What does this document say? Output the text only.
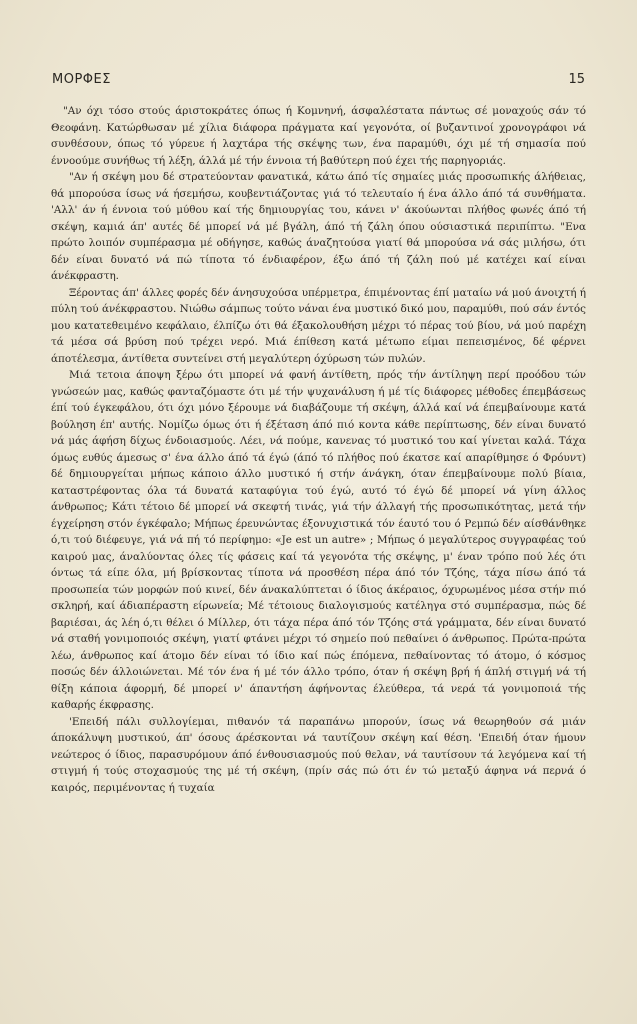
ΜΟΡΦΕΣ	15

"Αν όχι τόσο στούς άριστοκράτες όπως ή Κομνηνή, άσφαλέστατα πάντως σέ μοναχούς σάν τό Θεοφάνη. Κατώρθωσαν μέ χίλια διάφορα πράγματα καί γεγονότα, οί βυζαντινοί χρονογράφοι νά συνθέσουν, όπως τό γύρευε ή λαχτάρα τής σκέψης των, ένα παραμύθι, όχι μέ τή σημασία πού έννοούμε συνήθως τή λέξη, άλλά μέ τήν έννοια τή βαθύτερη πού έχει τής παρηγοριάς.

"Αν ή σκέψη μου δέ στρατεύονταν φανατικά, κάτω άπό τίς σημαίες μιάς προσωπικής άλήθειας, θά μπορούσα ίσως νά ήσεμήσω, κουβεντιάζοντας γιά τό τελευταίο ή ένα άλλο άπό τά συνθήματα. 'Αλλ' άν ή έννοια τού μύθου καί τής δημιουργίας του, κάνει ν' άκούωνται πλήθος φωνές άπό τή σκέψη, καμιά άπ' αυτές δέ μπορεί νά μέ βγάλη, άπό τή ζάλη όπου ούσιαστικά περιπίπτω. "Ενα πρώτο λοιπόν συμπέρασμα μέ οδήγησε, καθώς άναζητούσα γιατί θά μπορούσα νά σάς μιλήσω, ότι δέν είναι δυνατό νά πώ τίποτα τό ένδιαφέρον, έξω άπό τή ζάλη πού μέ κατέχει καί είναι άνέκφραστη.

Ξέροντας άπ' άλλες φορές δέν άνησυχούσα υπέρμετρα, έπιμένοντας έπί ματαίω νά μού άνοιχτή ή πύλη τού άνέκφραστου. Νιώθω σάμπως τούτο νάναι ένα μυστικό δικό μου, παραμύθι, πού σάν έντός μου κατατεθειμένο κεφάλαιο, έλπίζω ότι θά έξακολουθήση μέχρι τό πέρας τού βίου, νά μού παρέχη τά μέσα σά βρύση πού τρέχει νερό. Μιά έπίθεση κατά μέτωπο είμαι πεπεισμένος, δέ φέρνει άποτέλεσμα, άντίθετα συντείνει στή μεγαλύτερη όχύρωση τών πυλών.

Μιά τετοια άποψη ξέρω ότι μπορεί νά φανή άντίθετη, πρός τήν άντίληψη περί προόδου τών γνώσεών μας, καθώς φανταζόμαστε ότι μέ τήν ψυχανάλυση ή μέ τίς διάφορες μέθοδες έπεμβάσεως έπί τού έγκεφάλου, ότι όχι μόνο ξέρουμε νά διαβάζουμε τή σκέψη, άλλά καί νά έπεμβαίνουμε κατά βούληση έπ' αυτής. Νομίζω όμως ότι ή έξέταση άπό πιό κοντα κάθε περίπτωσης, δέν είναι δυνατό νά μάς άφήση δίχως ένδοιασμούς. Λέει, νά πούμε, κανενας τό μυστικό του καί γίνεται καλά. Τάχα όμως ευθύς άμεσως σ' ένα άλλο άπό τά έγώ (άπό τό πλήθος πού έκατσε καί απαρίθμησε ό Φρόυντ) δέ δημιουργείται μήπως κάποιο άλλο μυστικό ή στήν άνάγκη, όταν έπεμβαίνουμε πολύ βίαια, καταστρέφοντας όλα τά δυνατά καταφύγια τού έγώ, αυτό τό έγώ δέ μπορεί νά γίνη άλλος άνθρωπος; Κάτι τέτοιο δέ μπορεί νά σκεφτή τινάς, γιά τήν άλλαγή τής προσωπικότητας, μετά τήν έγχείρηση στόν έγκέφαλο; Μήπως έρευνώντας έξονυχιστικά τόν έαυτό του ό Ρεμπώ δέν αίσθάνθηκε ό,τι τού διέφευγε, γιά νά πή τό περίφημο: «Je est un autre» ; Μήπως ό μεγαλύτερος συγγραφέας τού καιρού μας, άναλύοντας όλες τίς φάσεις καί τά γεγονότα τής σκέψης, μ' έναν τρόπο πού λές ότι όντως τά είπε όλα, μή βρίσκοντας τίποτα νά προσθέση πέρα άπό τόν Τζόης, τάχα πίσω άπό τά προσωπεία τών μορφών πού κινεί, δέν άνακαλύπτεται ό ίδιος άκέραιος, όχυρωμένος μέσα στήν πιό σκληρή, καί άδιαπέραστη είρωνεία; Μέ τέτοιους διαλογισμούς κατέληγα στό συμπέρασμα, πώς δέ βαριέσαι, άς λέη ό,τι θέλει ό Μίλλερ, ότι τάχα πέρα άπό τόν Τζόης στά γράμματα, δέν είναι δυνατό νά σταθή γονιμοποιός σκέψη, γιατί φτάνει μέχρι τό σημείο πού πεθαίνει ό άνθρωπος. Πρώτα-πρώτα λέω, άνθρωπος καί άτομο δέν είναι τό ίδιο καί πώς έπόμενα, πεθαίνοντας τό άτομο, ό κόσμος ποσώς δέν άλλοιώνεται. Μέ τόν ένα ή μέ τόν άλλο τρόπο, όταν ή σκέψη βρή ή άπλή στιγμή νά τή θίξη κάποια άφορμή, δέ μπορεί ν' άπαντήση άφήνοντας έλεύθερα, τά νερά τά γονιμοποιά τής καθαρής έκφρασης.

'Επειδή πάλι συλλογίεμαι, πιθανόν τά παραπάνω μπορούν, ίσως νά θεωρηθούν σά μιάν άποκάλυψη μυστικού, άπ' όσους άρέσκονται νά ταυτίζουν σκέψη καί θέση. 'Επειδή όταν ήμουν νεώτερος ό ίδιος, παρασυρόμουν άπό ένθουσιασμούς πού θελαν, νά ταυτίσουν τά λεγόμενα καί τή στιγμή ή τούς στοχασμούς της μέ τή σκέψη, (πρίν σάς πώ ότι έν τώ μεταξύ άφηνα νά περνά ό καιρός, περιμένοντας ή τυχαία
